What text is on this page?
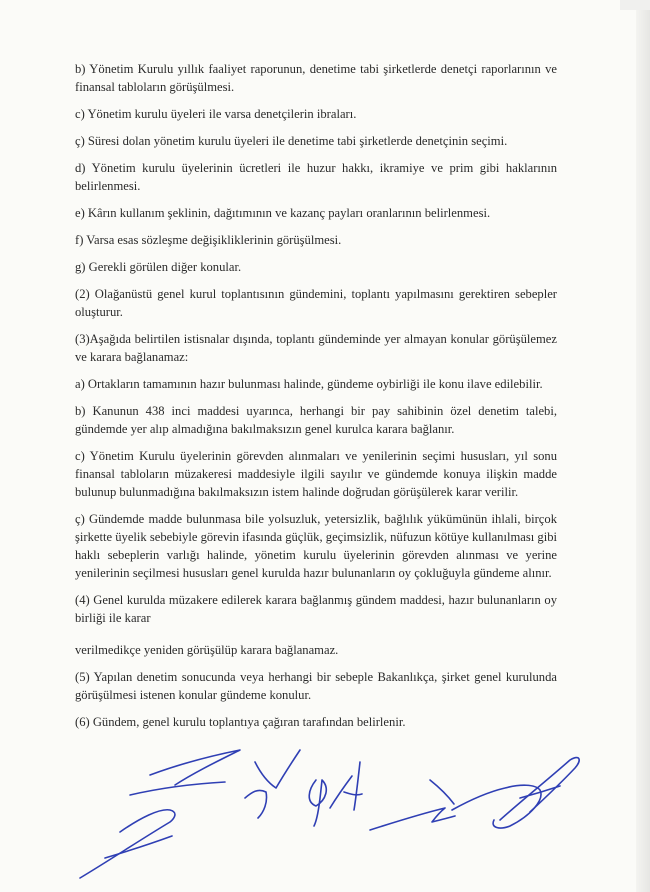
b) Yönetim Kurulu yıllık faaliyet raporunun, denetime tabi şirketlerde denetçi raporlarının ve finansal tabloların görüşülmesi.

c) Yönetim kurulu üyeleri ile varsa denetçilerin ibraları.

ç) Süresi dolan yönetim kurulu üyeleri ile denetime tabi şirketlerde denetçinin seçimi.

d) Yönetim kurulu üyelerinin ücretleri ile huzur hakkı, ikramiye ve prim gibi haklarının belirlenmesi.

e) Kârın kullanım şeklinin, dağıtımının ve kazanç payları oranlarının belirlenmesi.

f) Varsa esas sözleşme değişikliklerinin görüşülmesi.

g) Gerekli görülen diğer konular.

(2) Olağanüstü genel kurul toplantısının gündemini, toplantı yapılmasını gerektiren sebepler oluşturur.

(3)Aşağıda belirtilen istisnalar dışında, toplantı gündeminde yer almayan konular görüşülemez ve karara bağlanamaz:

a) Ortakların tamamının hazır bulunması halinde, gündeme oybirliği ile konu ilave edilebilir.

b) Kanunun 438 inci maddesi uyarınca, herhangi bir pay sahibinin özel denetim talebi, gündemde yer alıp almadığına bakılmaksızın genel kurulca karara bağlanır.

c) Yönetim Kurulu üyelerinin görevden alınmaları ve yenilerinin seçimi hususları, yıl sonu finansal tabloların müzakeresi maddesiyle ilgili sayılır ve gündemde konuya ilişkin madde bulunup bulunmadığına bakılmaksızın istem halinde doğrudan görüşülerek karar verilir.

ç) Gündemde madde bulunmasa bile yolsuzluk, yetersizlik, bağlılık yükümünün ihlali, birçok şirkette üyelik sebebiyle görevin ifasında güçlük, geçimsizlik, nüfuzun kötüye kullanılması gibi haklı sebeplerin varlığı halinde, yönetim kurulu üyelerinin görevden alınması ve yerine yenilerinin seçilmesi hususları genel kurulda hazır bulunanların oy çokluğuyla gündeme alınır.

(4) Genel kurulda müzakere edilerek karara bağlanmış gündem maddesi, hazır bulunanların oy birliği ile karar

verilmedikçe yeniden görüşülüp karara bağlanamaz.

(5) Yapılan denetim sonucunda veya herhangi bir sebeple Bakanlıkça, şirket genel kurulunda görüşülmesi istenen konular gündeme konulur.

(6) Gündem, genel kurulu toplantıya çağıran tarafından belirlenir.
